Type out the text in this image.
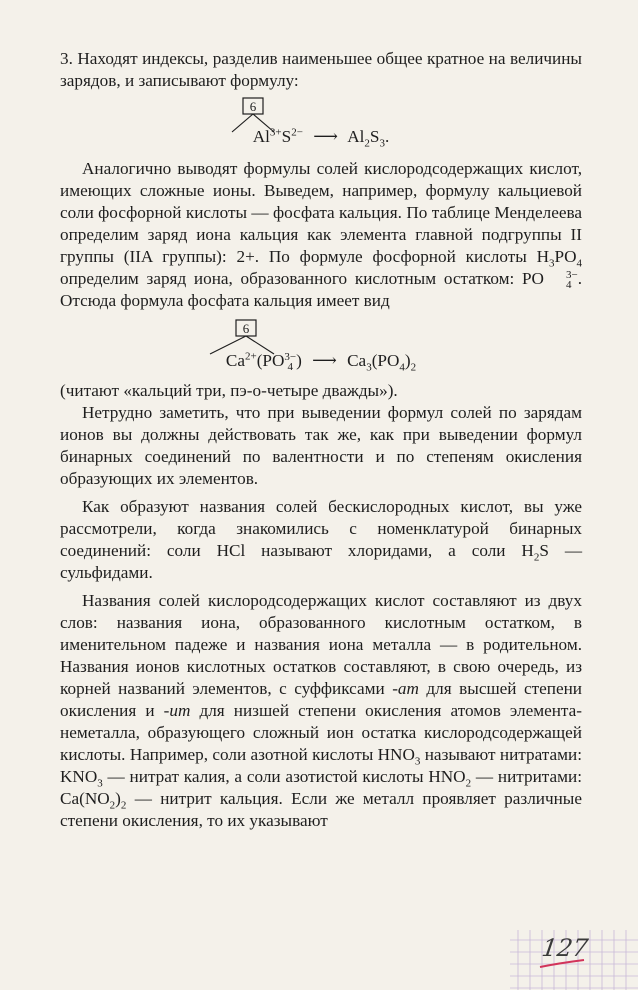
3. Находят индексы, разделив наименьшее общее кратное на величины зарядов, и записывают формулу:

6
$Al^{3+}S^{2-}$ ⟶ $Al_2S_3$.

Аналогично выводят формулы солей кислородсодержащих кислот, имеющих сложные ионы. Выведем, например, формулу кальциевой соли фосфорной кислоты — фосфата кальция. По таблице Менделеева определим заряд иона кальция как элемента главной подгруппы II группы (IIA группы): 2+. По формуле фосфорной кислоты $H_3PO_4$ определим заряд иона, образованного кислотным остатком: PO	3−
4 . Отсюда формула фосфата кальция имеет вид

6
$Ca^{2+}(PO$ 3−
4 ) ⟶ $Ca_3(PO_4)_2$

(читают «кальций три, пэ-о-четыре дважды»).

Нетрудно заметить, что при выведении формул солей по зарядам ионов вы должны действовать так же, как при выведении формул бинарных соединений по валентности и по степеням окисления образующих их элементов.

Как образуют названия солей бескислородных кислот, вы уже рассмотрели, когда знакомились с номенклатурой бинарных соединений: соли HCl называют хлоридами, а соли $H_2S$ — сульфидами.

Названия солей кислородсодержащих кислот составляют из двух слов: названия иона, образованного кислотным остатком, в именительном падеже и названия иона металла — в родительном. Названия ионов кислотных остатков составляют, в свою очередь, из корней названий элементов, с суффиксами -ат для высшей степени окисления и -ит для низшей степени окисления атомов элемента-неметалла, образующего сложный ион остатка кислородсодержащей кислоты. Например, соли азотной кислоты $HNO_3$ называют нитратами: $KNO_3$ — нитрат калия, а соли азотистой кислоты $HNO_2$ — нитритами: $Ca(NO_2)_2$ — нитрит кальция. Если же металл проявляет различные степени окисления, то их указывают

127
